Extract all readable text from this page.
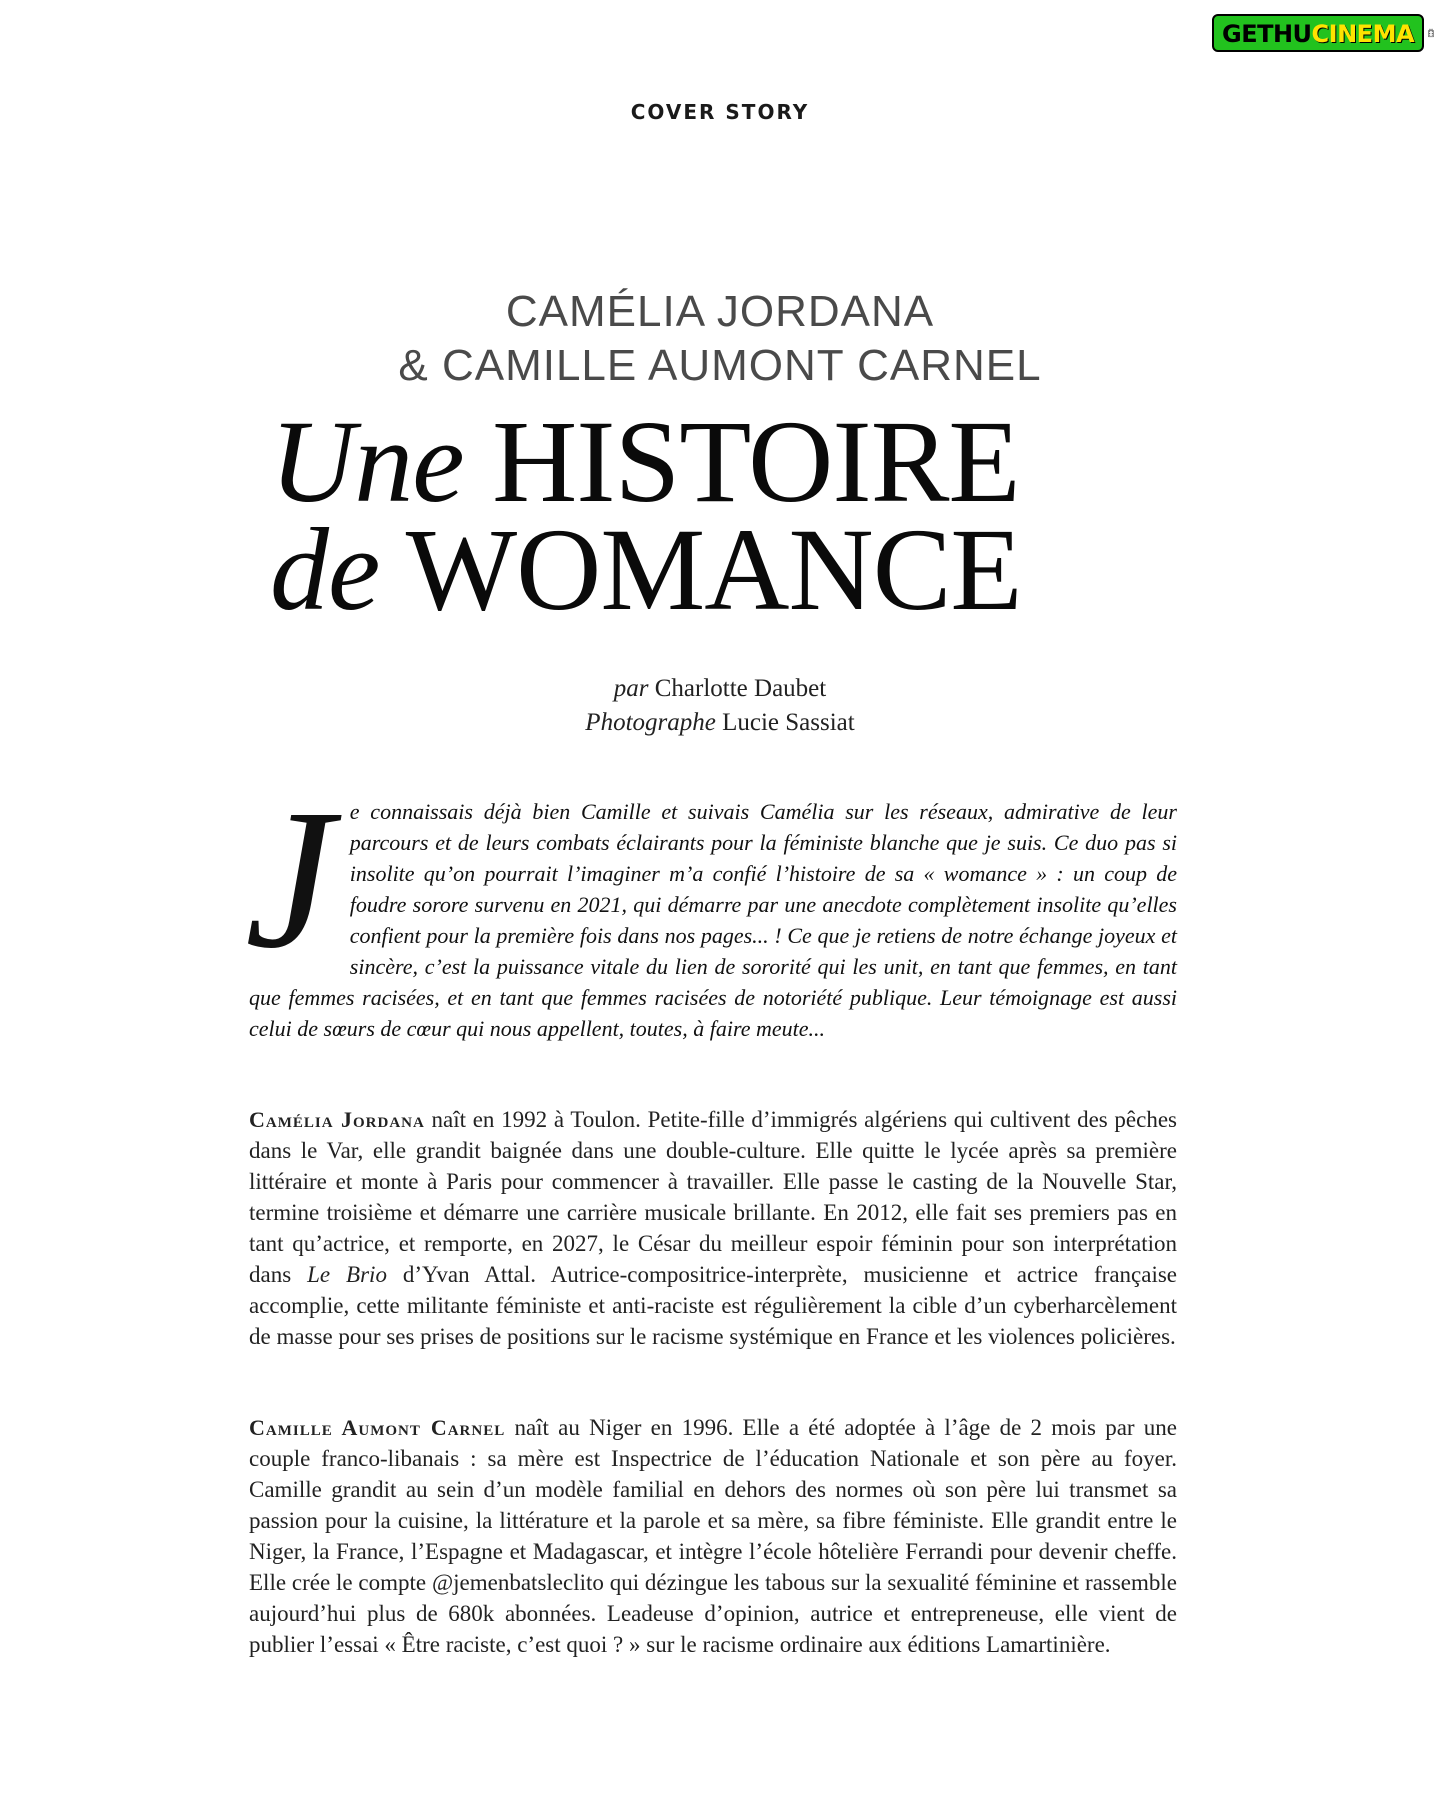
GETHU CINEMA
COVER STORY
CAMÉLIA JORDANA
& CAMILLE AUMONT CARNEL
Une HISTOIRE
de WOMANCE
par Charlotte Daubet
Photographe Lucie Sassiat
Je connaissais déjà bien Camille et suivais Camélia sur les réseaux, admirative de leur parcours et de leurs combats éclairants pour la féministe blanche que je suis. Ce duo pas si insolite qu’on pourrait l’imaginer m’a confié l’histoire de sa « womance » : un coup de foudre sorore survenu en 2021, qui démarre par une anecdote complètement insolite qu’elles confient pour la première fois dans nos pages... ! Ce que je retiens de notre échange joyeux et sincère, c’est la puissance vitale du lien de sororité qui les unit, en tant que femmes, en tant que femmes racisées, et en tant que femmes racisées de notoriété publique. Leur témoignage est aussi celui de sœurs de cœur qui nous appellent, toutes, à faire meute...
Camélia Jordana naît en 1992 à Toulon. Petite-fille d’immigrés algériens qui cultivent des pêches dans le Var, elle grandit baignée dans une double-culture. Elle quitte le lycée après sa première littéraire et monte à Paris pour commencer à travailler. Elle passe le casting de la Nouvelle Star, termine troisième et démarre une carrière musicale brillante. En 2012, elle fait ses premiers pas en tant qu’actrice, et remporte, en 2027, le César du meilleur espoir féminin pour son interprétation dans Le Brio d’Yvan Attal. Autrice-compositrice-interprète, musicienne et actrice française accomplie, cette militante féministe et anti-raciste est régulièrement la cible d’un cyberharcèlement de masse pour ses prises de positions sur le racisme systémique en France et les violences policières.
Camille Aumont Carnel naît au Niger en 1996. Elle a été adoptée à l’âge de 2 mois par une couple franco-libanais : sa mère est Inspectrice de l’éducation Nationale et son père au foyer. Camille grandit au sein d’un modèle familial en dehors des normes où son père lui transmet sa passion pour la cuisine, la littérature et la parole et sa mère, sa fibre féministe. Elle grandit entre le Niger, la France, l’Espagne et Madagascar, et intègre l’école hôtelière Ferrandi pour devenir cheffe. Elle crée le compte @jemenbatsleclito qui dézingue les tabous sur la sexualité féminine et rassemble aujourd’hui plus de 680k abonnées. Leadeuse d’opinion, autrice et entrepreneuse, elle vient de publier l’essai « Être raciste, c’est quoi ? » sur le racisme ordinaire aux éditions Lamartinière.
